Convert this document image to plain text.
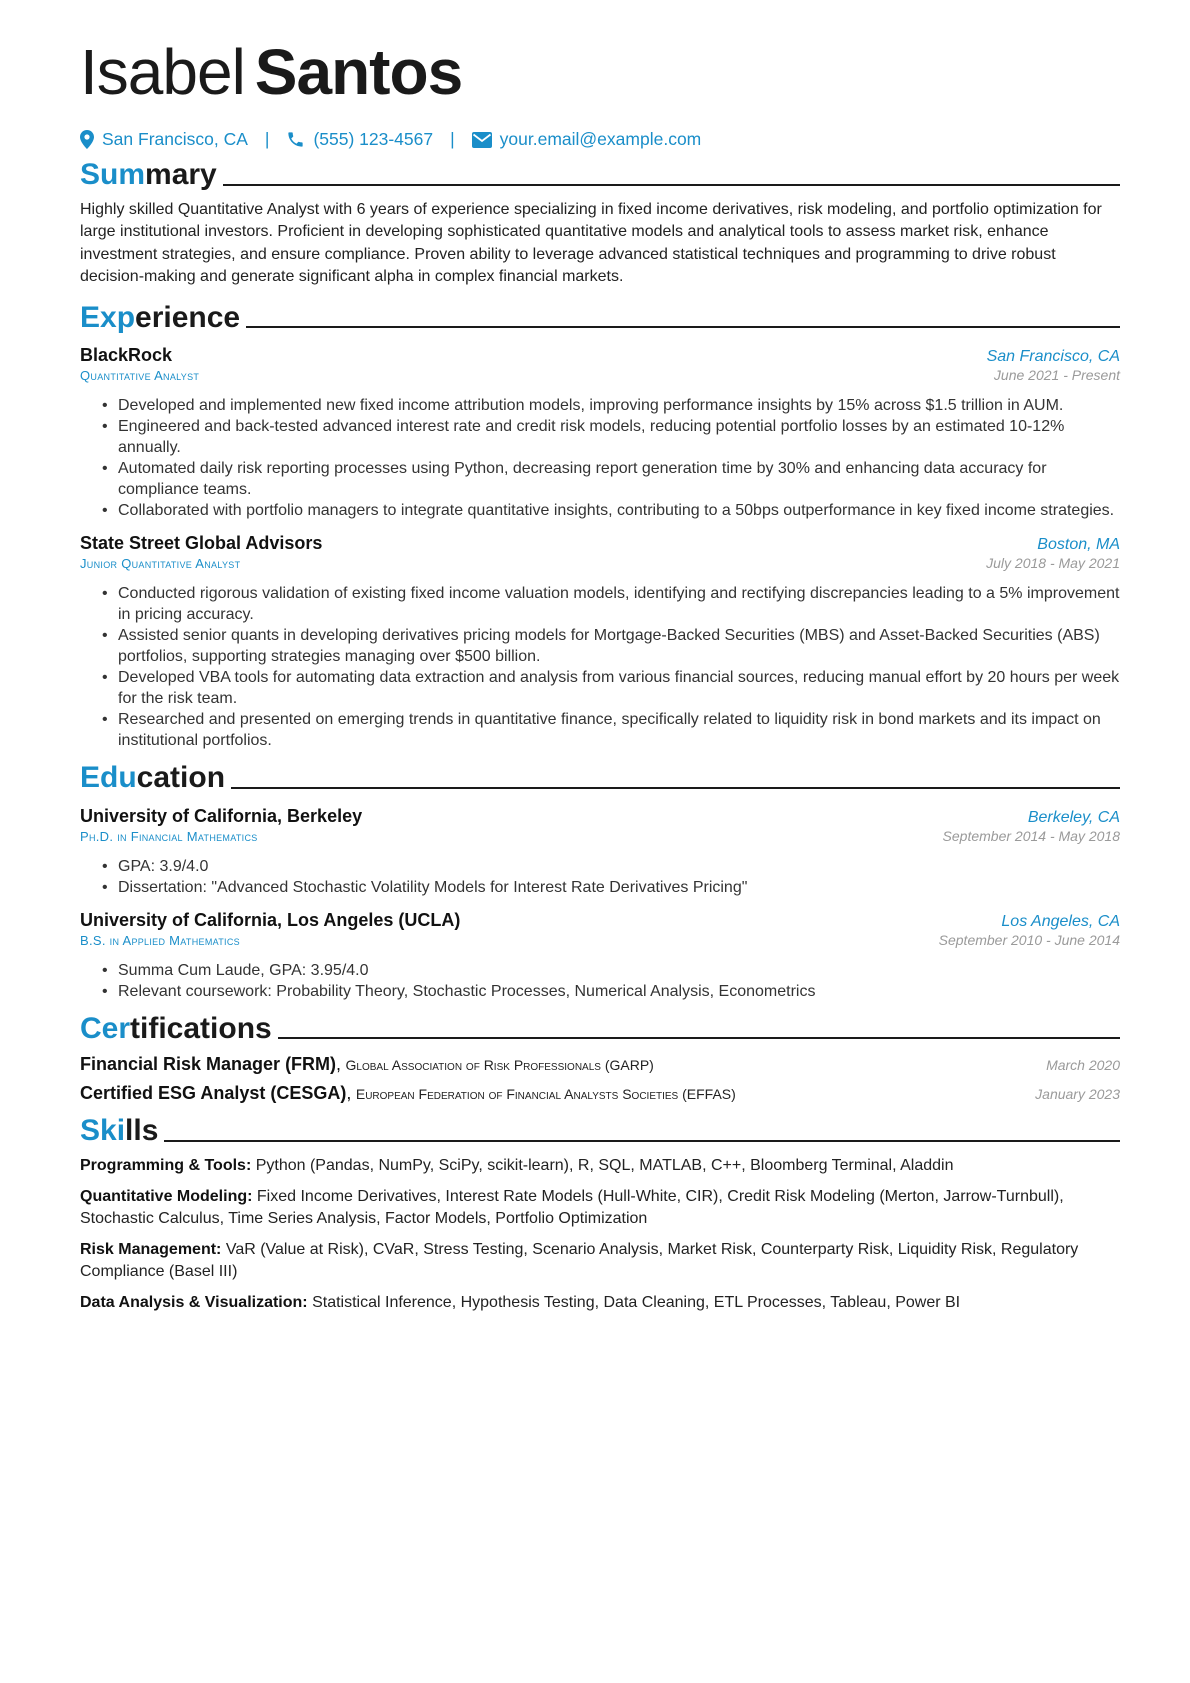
Isabel Santos
San Francisco, CA |	(555) 123-4567 |	your.email@example.com
Summary

Highly skilled Quantitative Analyst with 6 years of experience specializing in fixed income derivatives, risk modeling, and portfolio optimization for large institutional investors. Proficient in developing sophisticated quantitative models and analytical tools to assess market risk, enhance investment strategies, and ensure compliance. Proven ability to leverage advanced statistical techniques and programming to drive robust decision-making and generate significant alpha in complex financial markets.

Experience
BlackRock	San Francisco, CA
Quantitative Analyst	June 2021 - Present
• Developed and implemented new fixed income attribution models, improving performance insights by 15% across $1.5 trillion in AUM.
• Engineered and back-tested advanced interest rate and credit risk models, reducing potential portfolio losses by an estimated 10-12% annually.
• Automated daily risk reporting processes using Python, decreasing report generation time by 30% and enhancing data accuracy for compliance teams.
• Collaborated with portfolio managers to integrate quantitative insights, contributing to a 50bps outperformance in key fixed income strategies.
State Street Global Advisors	Boston, MA
Junior Quantitative Analyst	July 2018 - May 2021
• Conducted rigorous validation of existing fixed income valuation models, identifying and rectifying discrepancies leading to a 5% improvement in pricing accuracy.
• Assisted senior quants in developing derivatives pricing models for Mortgage-Backed Securities (MBS) and Asset-Backed Securities (ABS) portfolios, supporting strategies managing over $500 billion.
• Developed VBA tools for automating data extraction and analysis from various financial sources, reducing manual effort by 20 hours per week for the risk team.
• Researched and presented on emerging trends in quantitative finance, specifically related to liquidity risk in bond markets and its impact on institutional portfolios.
Education
University of California, Berkeley	Berkeley, CA
Ph.D. in Financial Mathematics	September 2014 - May 2018
• GPA: 3.9/4.0
• Dissertation: "Advanced Stochastic Volatility Models for Interest Rate Derivatives Pricing"
University of California, Los Angeles (UCLA)	Los Angeles, CA
B.S. in Applied Mathematics	September 2010 - June 2014
• Summa Cum Laude, GPA: 3.95/4.0
• Relevant coursework: Probability Theory, Stochastic Processes, Numerical Analysis, Econometrics
Certifications
Financial Risk Manager (FRM), Global Association of Risk Professionals (GARP)	March 2020
Certified ESG Analyst (CESGA), European Federation of Financial Analysts Societies (EFFAS)	January 2023
Skills
Programming & Tools: Python (Pandas, NumPy, SciPy, scikit-learn), R, SQL, MATLAB, C++, Bloomberg Terminal, Aladdin
Quantitative Modeling: Fixed Income Derivatives, Interest Rate Models (Hull-White, CIR), Credit Risk Modeling (Merton, Jarrow-Turnbull), Stochastic Calculus, Time Series Analysis, Factor Models, Portfolio Optimization
Risk Management: VaR (Value at Risk), CVaR, Stress Testing, Scenario Analysis, Market Risk, Counterparty Risk, Liquidity Risk, Regulatory Compliance (Basel III)
Data Analysis & Visualization: Statistical Inference, Hypothesis Testing, Data Cleaning, ETL Processes, Tableau, Power BI
